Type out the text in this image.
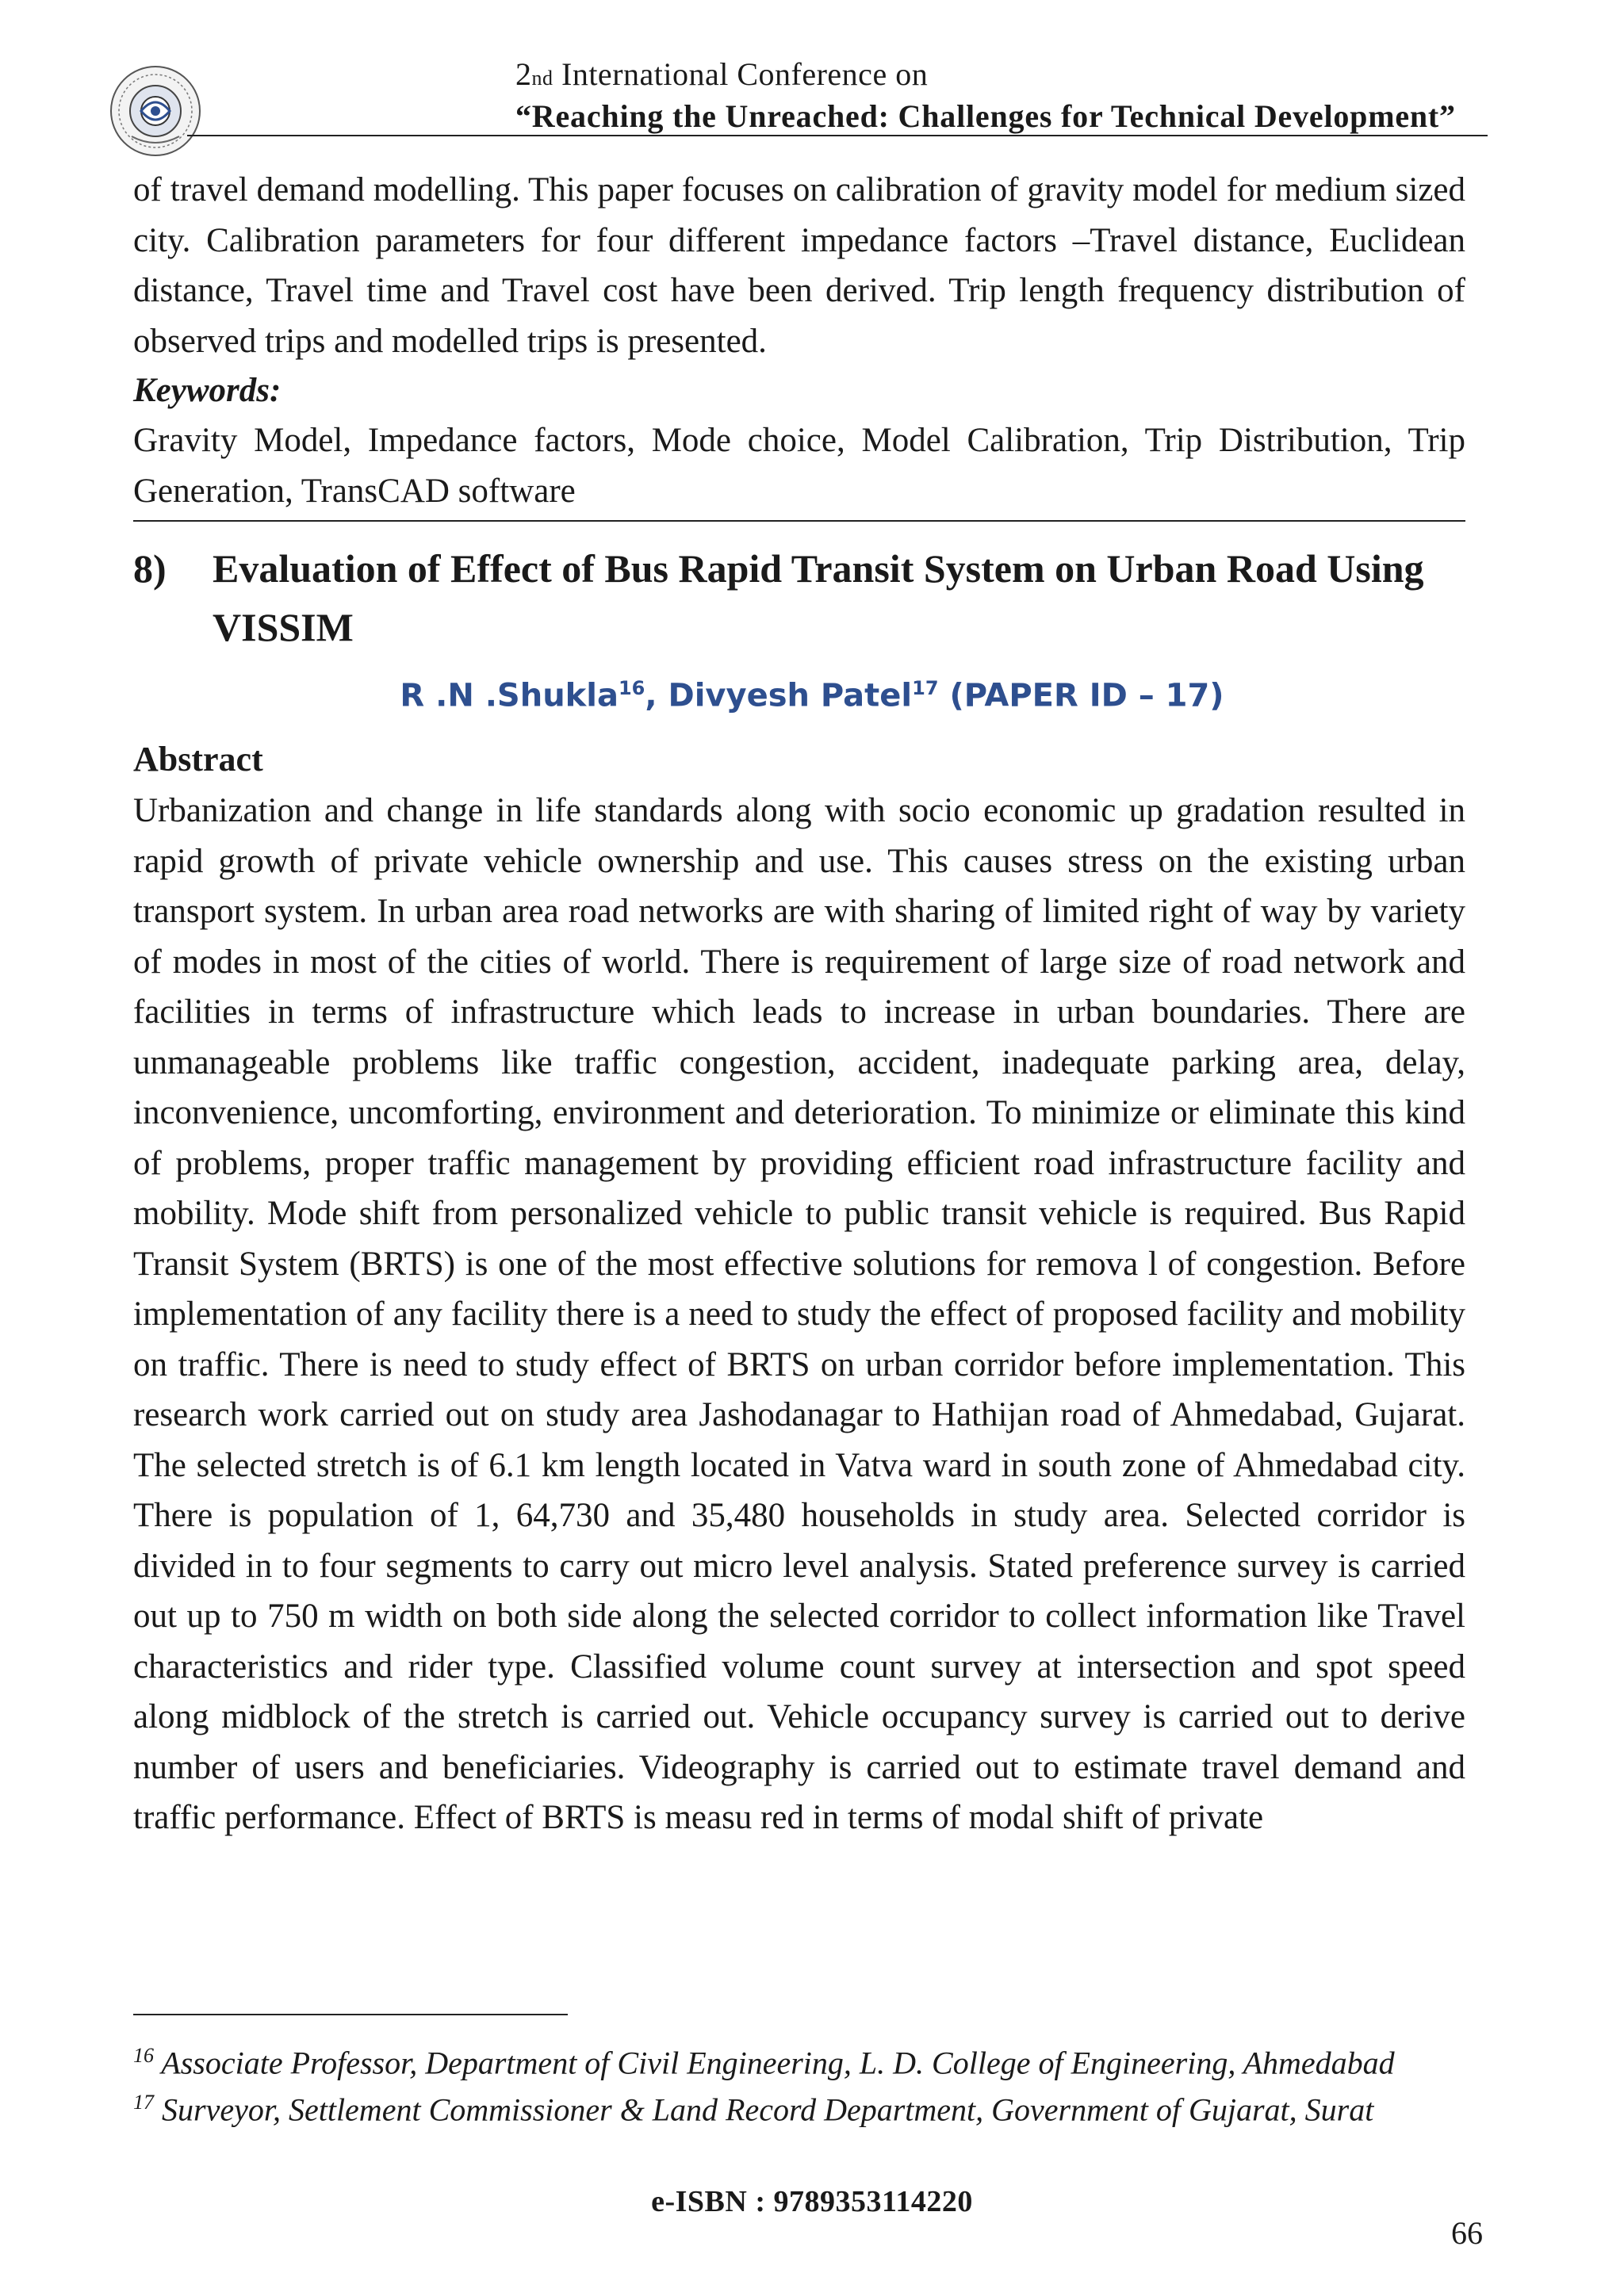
2nd International Conference on
“Reaching the Unreached: Challenges for Technical Development”

of travel demand modelling. This paper focuses on calibration of gravity model for medium sized city. Calibration parameters for four different impedance factors –Travel distance, Euclidean distance, Travel time and Travel cost have been derived. Trip length frequency distribution of observed trips and modelled trips is presented.

Keywords:

Gravity Model, Impedance factors, Mode choice, Model Calibration, Trip Distribution, Trip Generation, TransCAD software

8) Evaluation of Effect of Bus Rapid Transit System on Urban Road Using VISSIM
R .N .Shukla$^{16}$, Divyesh Patel$^{17}$ (PAPER ID – 17)
Abstract

Urbanization and change in life standards along with socio economic up gradation resulted in rapid growth of private vehicle ownership and use. This causes stress on the existing urban transport system. In urban area road networks are with sharing of limited right of way by variety of modes in most of the cities of world. There is requirement of large size of road network and facilities in terms of infrastructure which leads to increase in urban boundaries. There are unmanageable problems like traffic congestion, accident, inadequate parking area, delay, inconvenience, uncomforting, environment and deterioration. To minimize or eliminate this kind of problems, proper traffic management by providing efficient road infrastructure facility and mobility. Mode shift from personalized vehicle to public transit vehicle is required. Bus Rapid Transit System (BRTS) is one of the most effective solutions for remova l of congestion. Before implementation of any facility there is a need to study the effect of proposed facility and mobility on traffic. There is need to study effect of BRTS on urban corridor before implementation. This research work carried out on study area Jashodanagar to Hathijan road of Ahmedabad, Gujarat. The selected stretch is of 6.1 km length located in Vatva ward in south zone of Ahmedabad city. There is population of 1, 64,730 and 35,480 households in study area. Selected corridor is divided in to four segments to carry out micro level analysis. Stated preference survey is carried out up to 750 m width on both side along the selected corridor to collect information like Travel characteristics and rider type. Classified volume count survey at intersection and spot speed along midblock of the stretch is carried out. Vehicle occupancy survey is carried out to derive number of users and beneficiaries. Videography is carried out to estimate travel demand and traffic performance. Effect of BRTS is measu red in terms of modal shift of private

$^{16}$ Associate Professor, Department of Civil Engineering, L. D. College of Engineering, Ahmedabad

$^{17}$ Surveyor, Settlement Commissioner & Land Record Department, Government of Gujarat, Surat

e-ISBN : 9789353114220
66
